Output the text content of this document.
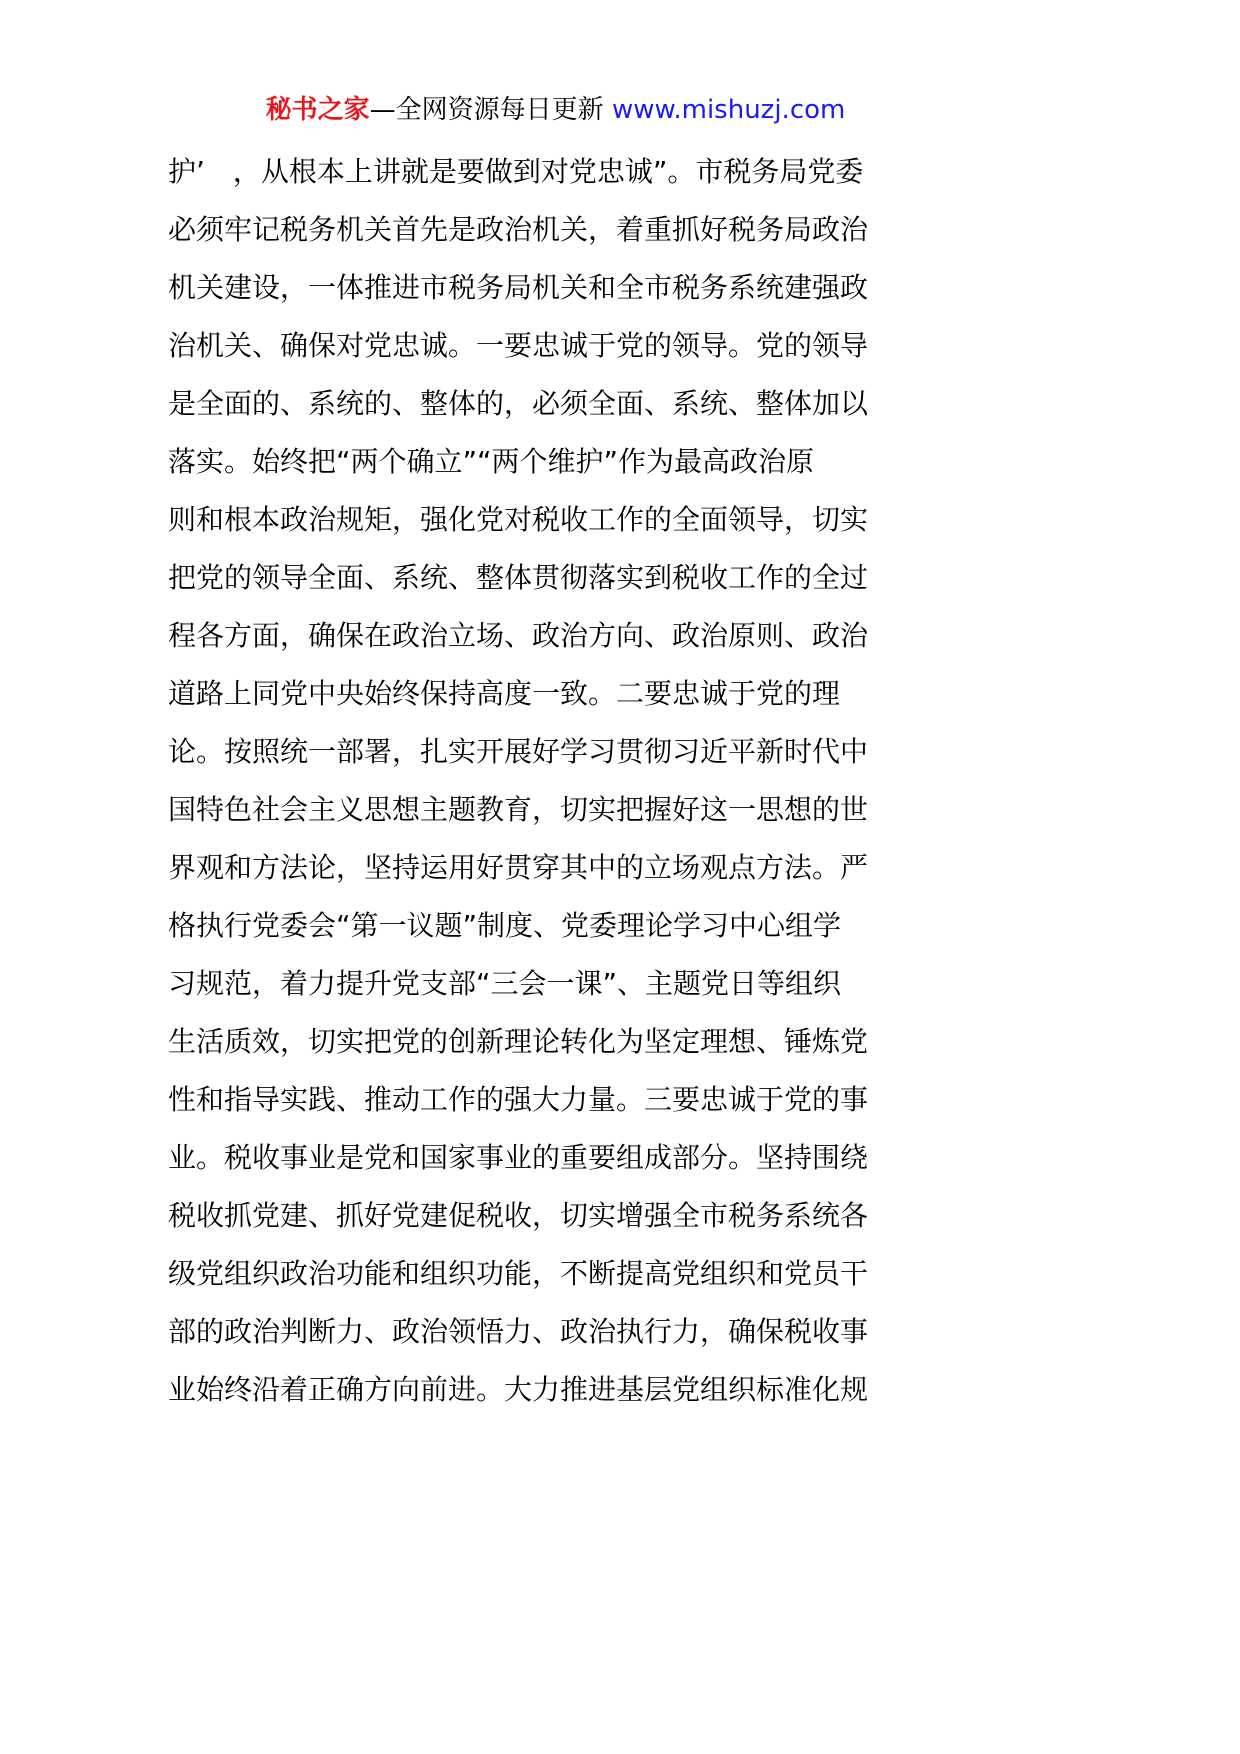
秘书之家—全网资源每日更新 www.mishuzj.com
护’　，从根本上讲就是要做到对党忠诚”。市税务局党委
必须牢记税务机关首先是政治机关，着重抓好税务局政治
机关建设，一体推进市税务局机关和全市税务系统建强政
治机关、确保对党忠诚。一要忠诚于党的领导。党的领导
是全面的、系统的、整体的，必须全面、系统、整体加以
落实。始终把“两个确立”“两个维护”作为最高政治原
则和根本政治规矩，强化党对税收工作的全面领导，切实
把党的领导全面、系统、整体贯彻落实到税收工作的全过
程各方面，确保在政治立场、政治方向、政治原则、政治
道路上同党中央始终保持高度一致。二要忠诚于党的理
论。按照统一部署，扎实开展好学习贯彻习近平新时代中
国特色社会主义思想主题教育，切实把握好这一思想的世
界观和方法论，坚持运用好贯穿其中的立场观点方法。严
格执行党委会“第一议题”制度、党委理论学习中心组学
习规范，着力提升党支部“三会一课”、主题党日等组织
生活质效，切实把党的创新理论转化为坚定理想、锤炼党
性和指导实践、推动工作的强大力量。三要忠诚于党的事
业。税收事业是党和国家事业的重要组成部分。坚持围绕
税收抓党建、抓好党建促税收，切实增强全市税务系统各
级党组织政治功能和组织功能，不断提高党组织和党员干
部的政治判断力、政治领悟力、政治执行力，确保税收事
业始终沿着正确方向前进。大力推进基层党组织标准化规
